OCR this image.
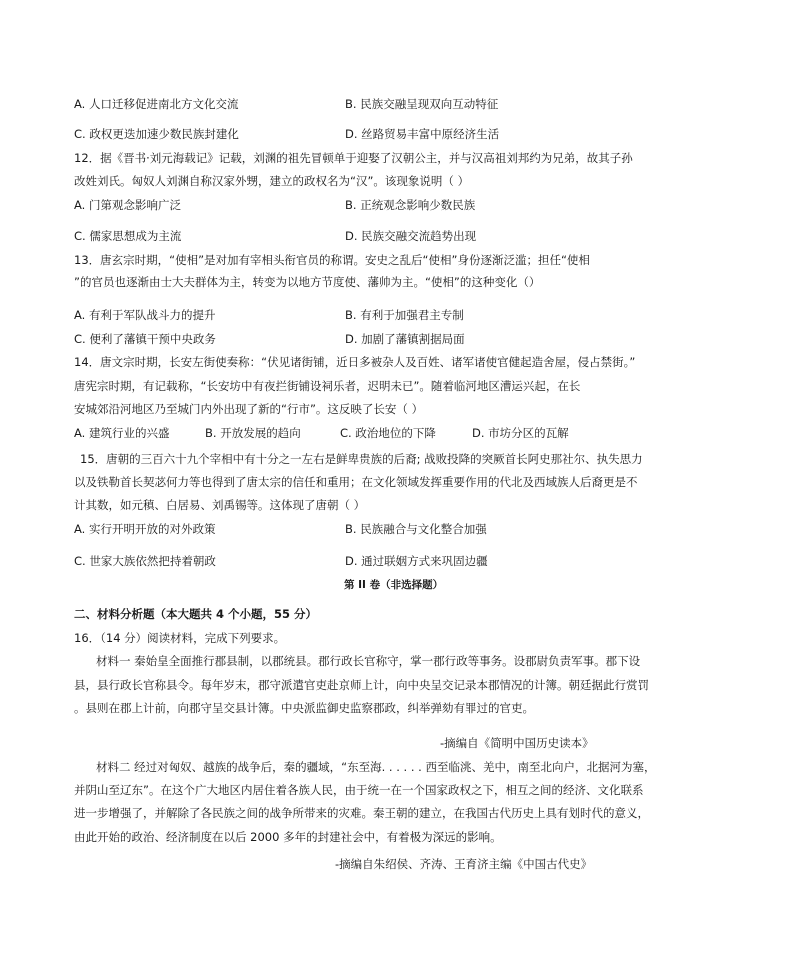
A. 人口迁移促进南北方文化交流	B. 民族交融呈现双向互动特征
C. 政权更迭加速少数民族封建化	D. 丝路贸易丰富中原经济生活
12．据《晋书·刘元海载记》记载，刘渊的祖先冒顿单于迎娶了汉朝公主，并与汉高祖刘邦约为兄弟，故其子孙
改姓刘氏。匈奴人刘渊自称汉家外甥，建立的政权名为“汉”。该现象说明（ ）
A. 门第观念影响广泛	B. 正统观念影响少数民族
C. 儒家思想成为主流	D. 民族交融交流趋势出现
13．唐玄宗时期，“使相”是对加有宰相头衔官员的称谓。安史之乱后“使相”身份逐渐泛滥；担任“使相
”的官员也逐渐由士大夫群体为主，转变为以地方节度使、藩帅为主。“使相”的这种变化（）
A. 有利于军队战斗力的提升	B. 有利于加强君主专制
C. 便利了藩镇干预中央政务	D. 加剧了藩镇割据局面
14．唐文宗时期，长安左街使奏称：“伏见诸街铺，近日多被杂人及百姓、诸军诸使官健起造舍屋，侵占禁街。”
唐宪宗时期，有记载称，“长安坊中有夜拦街铺设祠乐者，迟明未已”。随着临河地区漕运兴起，在长
安城郊沿河地区乃至城门内外出现了新的“行市”。这反映了长安（ ）
A. 建筑行业的兴盛	B. 开放发展的趋向	C. 政治地位的下降	D. 市坊分区的瓦解
15．唐朝的三百六十九个宰相中有十分之一左右是鲜卑贵族的后裔; 战败投降的突厥首长阿史那社尔、执失思力
以及铁勒首长契苾何力等也得到了唐太宗的信任和重用；在文化领域发挥重要作用的代北及西域族人后裔更是不
计其数，如元稹、白居易、刘禹锡等。这体现了唐朝（ ）
A. 实行开明开放的对外政策	B. 民族融合与文化整合加强
C. 世家大族依然把持着朝政	D. 通过联姻方式来巩固边疆
第 II 卷（非选择题）
二、材料分析题（本大题共 4 个小题，55 分）
16．（14 分）阅读材料，完成下列要求。
材料一 秦始皇全面推行郡县制，以郡统县。郡行政长官称守，掌一郡行政等事务。设郡尉负责军事。郡下设
县，县行政长官称县令。每年岁末，郡守派遣官吏赴京师上计，向中央呈交记录本郡情况的计簿。朝廷据此行赏罚
。县则在郡上计前，向郡守呈交县计簿。中央派监御史监察郡政，纠举弹劾有罪过的官吏。
-摘编自《简明中国历史读本》
材料二 经过对匈奴、越族的战争后，秦的疆域，“东至海. . . . . . 西至临洮、羌中，南至北向户，北据河为塞，
并阴山至辽东”。在这个广大地区内居住着各族人民，由于统一在一个国家政权之下，相互之间的经济、文化联系
进一步增强了，并解除了各民族之间的战争所带来的灾难。秦王朝的建立，在我国古代历史上具有划时代的意义，
由此开始的政治、经济制度在以后 2000 多年的封建社会中，有着极为深远的影响。
-摘编自朱绍侯、齐涛、王育济主编《中国古代史》
